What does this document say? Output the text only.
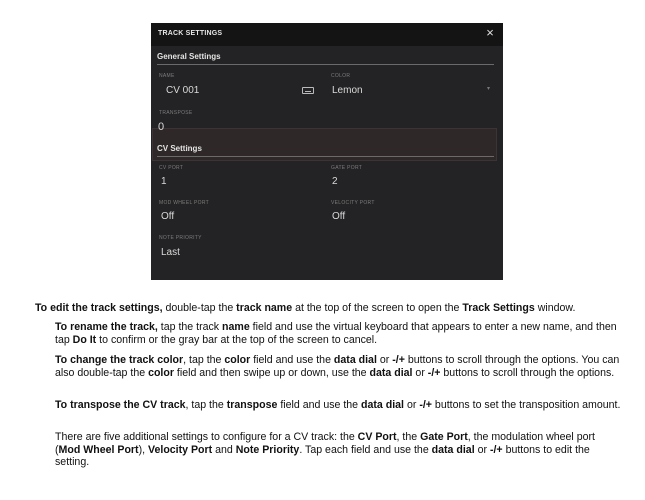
TRACK SETTINGS	×
General Settings
NAME
CV 001
COLOR
Lemon	▾
TRANSPOSE
0
CV Settings
CV PORT
1
GATE PORT
2
MOD WHEEL PORT
Off
VELOCITY PORT
Off
NOTE PRIORITY
Last

To edit the track settings, double-tap the track name at the top of the screen to open the Track Settings window.

To rename the track, tap the track name field and use the virtual keyboard that appears to enter a new name, and then tap Do It to confirm or the gray bar at the top of the screen to cancel.

To change the track color, tap the color field and use the data dial or -/+ buttons to scroll through the options. You can also double-tap the color field and then swipe up or down, use the data dial or -/+ buttons to scroll through the options.

To transpose the CV track, tap the transpose field and use the data dial or -/+ buttons to set the transposition amount.

There are five additional settings to configure for a CV track: the CV Port, the Gate Port, the modulation wheel port (Mod Wheel Port), Velocity Port and Note Priority. Tap each field and use the data dial or -/+ buttons to edit the setting.
